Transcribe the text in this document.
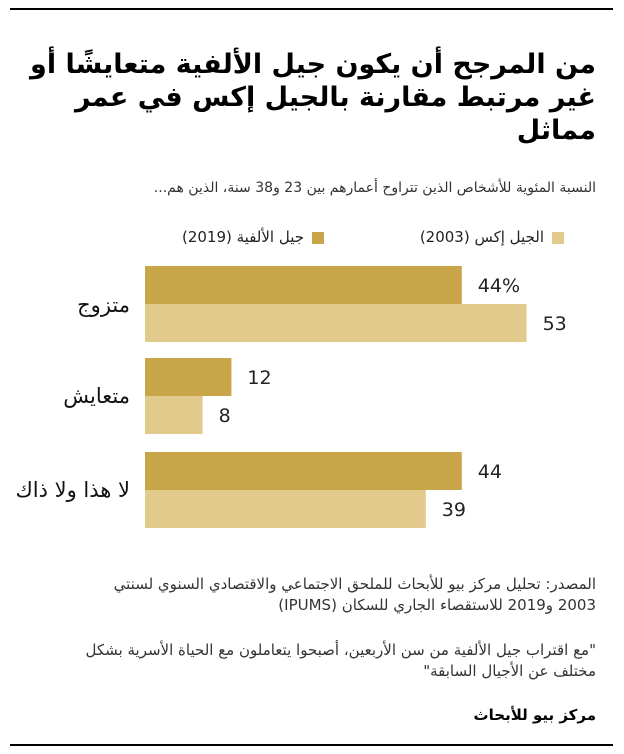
من المرجح أن يكون جيل الألفية متعايشًا أو غير مرتبط مقارنة بالجيل إكس في عمر مماثل
النسبة المئوية للأشخاص الذين تتراوح أعمارهم بين 23 و38 سنة، الذين هم...
الجيل إكس (2003)
جيل الألفية (2019)
متزوج
متعايش
لا هذا ولا ذاك
44%
12
44
53
8
39
المصدر: تحليل مركز بيو للأبحاث للملحق الاجتماعي والاقتصادي السنوي لسنتي
2003 و2019 للاستقصاء الجاري للسكان (IPUMS)
"مع اقتراب جيل الألفية من سن الأربعين، أصبحوا يتعاملون مع الحياة الأسرية بشكل
مختلف عن الأجيال السابقة"
مركز بيو للأبحاث
